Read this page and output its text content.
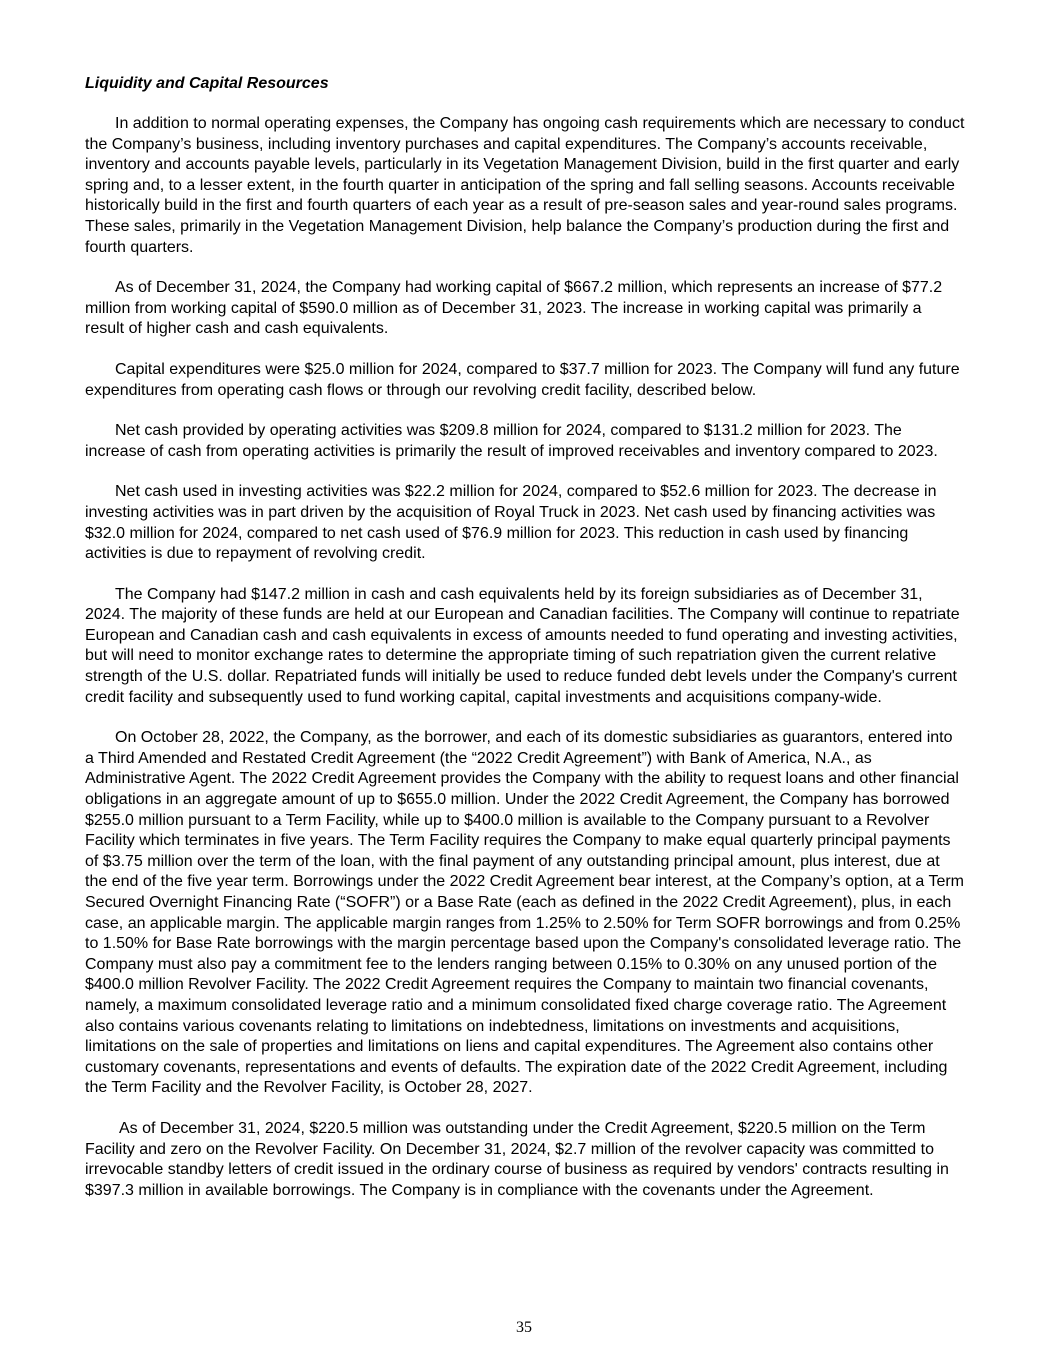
Liquidity and Capital Resources

In addition to normal operating expenses, the Company has ongoing cash requirements which are necessary to conduct the Company’s business, including inventory purchases and capital expenditures. The Company’s accounts receivable, inventory and accounts payable levels, particularly in its Vegetation Management Division, build in the first quarter and early spring and, to a lesser extent, in the fourth quarter in anticipation of the spring and fall selling seasons. Accounts receivable historically build in the first and fourth quarters of each year as a result of pre-season sales and year-round sales programs. These sales, primarily in the Vegetation Management Division, help balance the Company’s production during the first and fourth quarters.

As of December 31, 2024, the Company had working capital of $667.2 million, which represents an increase of $77.2 million from working capital of $590.0 million as of December 31, 2023. The increase in working capital was primarily a result of higher cash and cash equivalents.

Capital expenditures were $25.0 million for 2024, compared to $37.7 million for 2023. The Company will fund any future expenditures from operating cash flows or through our revolving credit facility, described below.

Net cash provided by operating activities was $209.8 million for 2024, compared to $131.2 million for 2023. The increase of cash from operating activities is primarily the result of improved receivables and inventory compared to 2023.

Net cash used in investing activities was $22.2 million for 2024, compared to $52.6 million for 2023. The decrease in investing activities was in part driven by the acquisition of Royal Truck in 2023. Net cash used by financing activities was $32.0 million for 2024, compared to net cash used of $76.9 million for 2023. This reduction in cash used by financing activities is due to repayment of revolving credit.

The Company had $147.2 million in cash and cash equivalents held by its foreign subsidiaries as of December 31, 2024. The majority of these funds are held at our European and Canadian facilities. The Company will continue to repatriate European and Canadian cash and cash equivalents in excess of amounts needed to fund operating and investing activities, but will need to monitor exchange rates to determine the appropriate timing of such repatriation given the current relative strength of the U.S. dollar. Repatriated funds will initially be used to reduce funded debt levels under the Company's current credit facility and subsequently used to fund working capital, capital investments and acquisitions company-wide.

On October 28, 2022, the Company, as the borrower, and each of its domestic subsidiaries as guarantors, entered into a Third Amended and Restated Credit Agreement (the “2022 Credit Agreement”) with Bank of America, N.A., as Administrative Agent. The 2022 Credit Agreement provides the Company with the ability to request loans and other financial obligations in an aggregate amount of up to $655.0 million. Under the 2022 Credit Agreement, the Company has borrowed $255.0 million pursuant to a Term Facility, while up to $400.0 million is available to the Company pursuant to a Revolver Facility which terminates in five years. The Term Facility requires the Company to make equal quarterly principal payments of $3.75 million over the term of the loan, with the final payment of any outstanding principal amount, plus interest, due at the end of the five year term. Borrowings under the 2022 Credit Agreement bear interest, at the Company’s option, at a Term Secured Overnight Financing Rate (“SOFR”) or a Base Rate (each as defined in the 2022 Credit Agreement), plus, in each case, an applicable margin. The applicable margin ranges from 1.25% to 2.50% for Term SOFR borrowings and from 0.25% to 1.50% for Base Rate borrowings with the margin percentage based upon the Company's consolidated leverage ratio. The Company must also pay a commitment fee to the lenders ranging between 0.15% to 0.30% on any unused portion of the $400.0 million Revolver Facility. The 2022 Credit Agreement requires the Company to maintain two financial covenants, namely, a maximum consolidated leverage ratio and a minimum consolidated fixed charge coverage ratio. The Agreement also contains various covenants relating to limitations on indebtedness, limitations on investments and acquisitions, limitations on the sale of properties and limitations on liens and capital expenditures. The Agreement also contains other customary covenants, representations and events of defaults. The expiration date of the 2022 Credit Agreement, including the Term Facility and the Revolver Facility, is October 28, 2027.

As of December 31, 2024, $220.5 million was outstanding under the Credit Agreement, $220.5 million on the Term Facility and zero on the Revolver Facility. On December 31, 2024, $2.7 million of the revolver capacity was committed to irrevocable standby letters of credit issued in the ordinary course of business as required by vendors' contracts resulting in $397.3 million in available borrowings. The Company is in compliance with the covenants under the Agreement.

35
